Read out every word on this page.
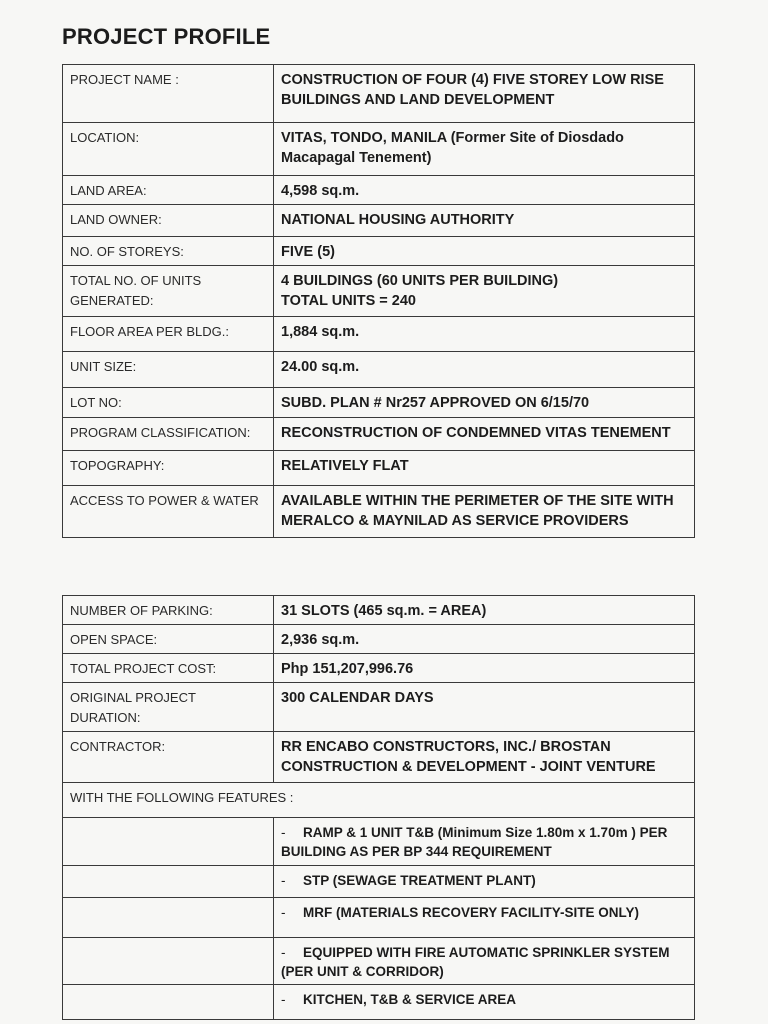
PROJECT PROFILE
PROJECT NAME :	CONSTRUCTION OF FOUR (4) FIVE STOREY LOW RISE BUILDINGS AND LAND DEVELOPMENT
LOCATION:	VITAS, TONDO, MANILA (Former Site of Diosdado Macapagal Tenement)
LAND AREA:	4,598 sq.m.
LAND OWNER:	NATIONAL HOUSING AUTHORITY
NO. OF STOREYS:	FIVE (5)
TOTAL NO. OF UNITS GENERATED:	4 BUILDINGS (60 UNITS PER BUILDING)
TOTAL UNITS = 240

FLOOR AREA PER BLDG.:	1,884 sq.m.
UNIT SIZE:	24.00 sq.m.
LOT NO:	SUBD. PLAN # Nr257 APPROVED ON 6/15/70
PROGRAM CLASSIFICATION:	RECONSTRUCTION OF CONDEMNED VITAS TENEMENT
TOPOGRAPHY:	RELATIVELY FLAT
ACCESS TO POWER & WATER	AVAILABLE WITHIN THE PERIMETER OF THE SITE WITH MERALCO & MAYNILAD AS SERVICE PROVIDERS
NUMBER OF PARKING:	31 SLOTS (465 sq.m. = AREA)
OPEN SPACE:	2,936 sq.m.
TOTAL PROJECT COST:	Php 151,207,996.76
ORIGINAL PROJECT DURATION:	300 CALENDAR DAYS
CONTRACTOR:	RR ENCABO CONSTRUCTORS, INC./ BROSTAN CONSTRUCTION & DEVELOPMENT - JOINT VENTURE
WITH THE FOLLOWING FEATURES :	
	- RAMP & 1 UNIT T&B (Minimum Size 1.80m x 1.70m ) PER BUILDING AS PER BP 344 REQUIREMENT
	- STP (SEWAGE TREATMENT PLANT)
	- MRF (MATERIALS RECOVERY FACILITY-SITE ONLY)
	- EQUIPPED WITH FIRE AUTOMATIC SPRINKLER SYSTEM (PER UNIT & CORRIDOR)
	- KITCHEN, T&B & SERVICE AREA
